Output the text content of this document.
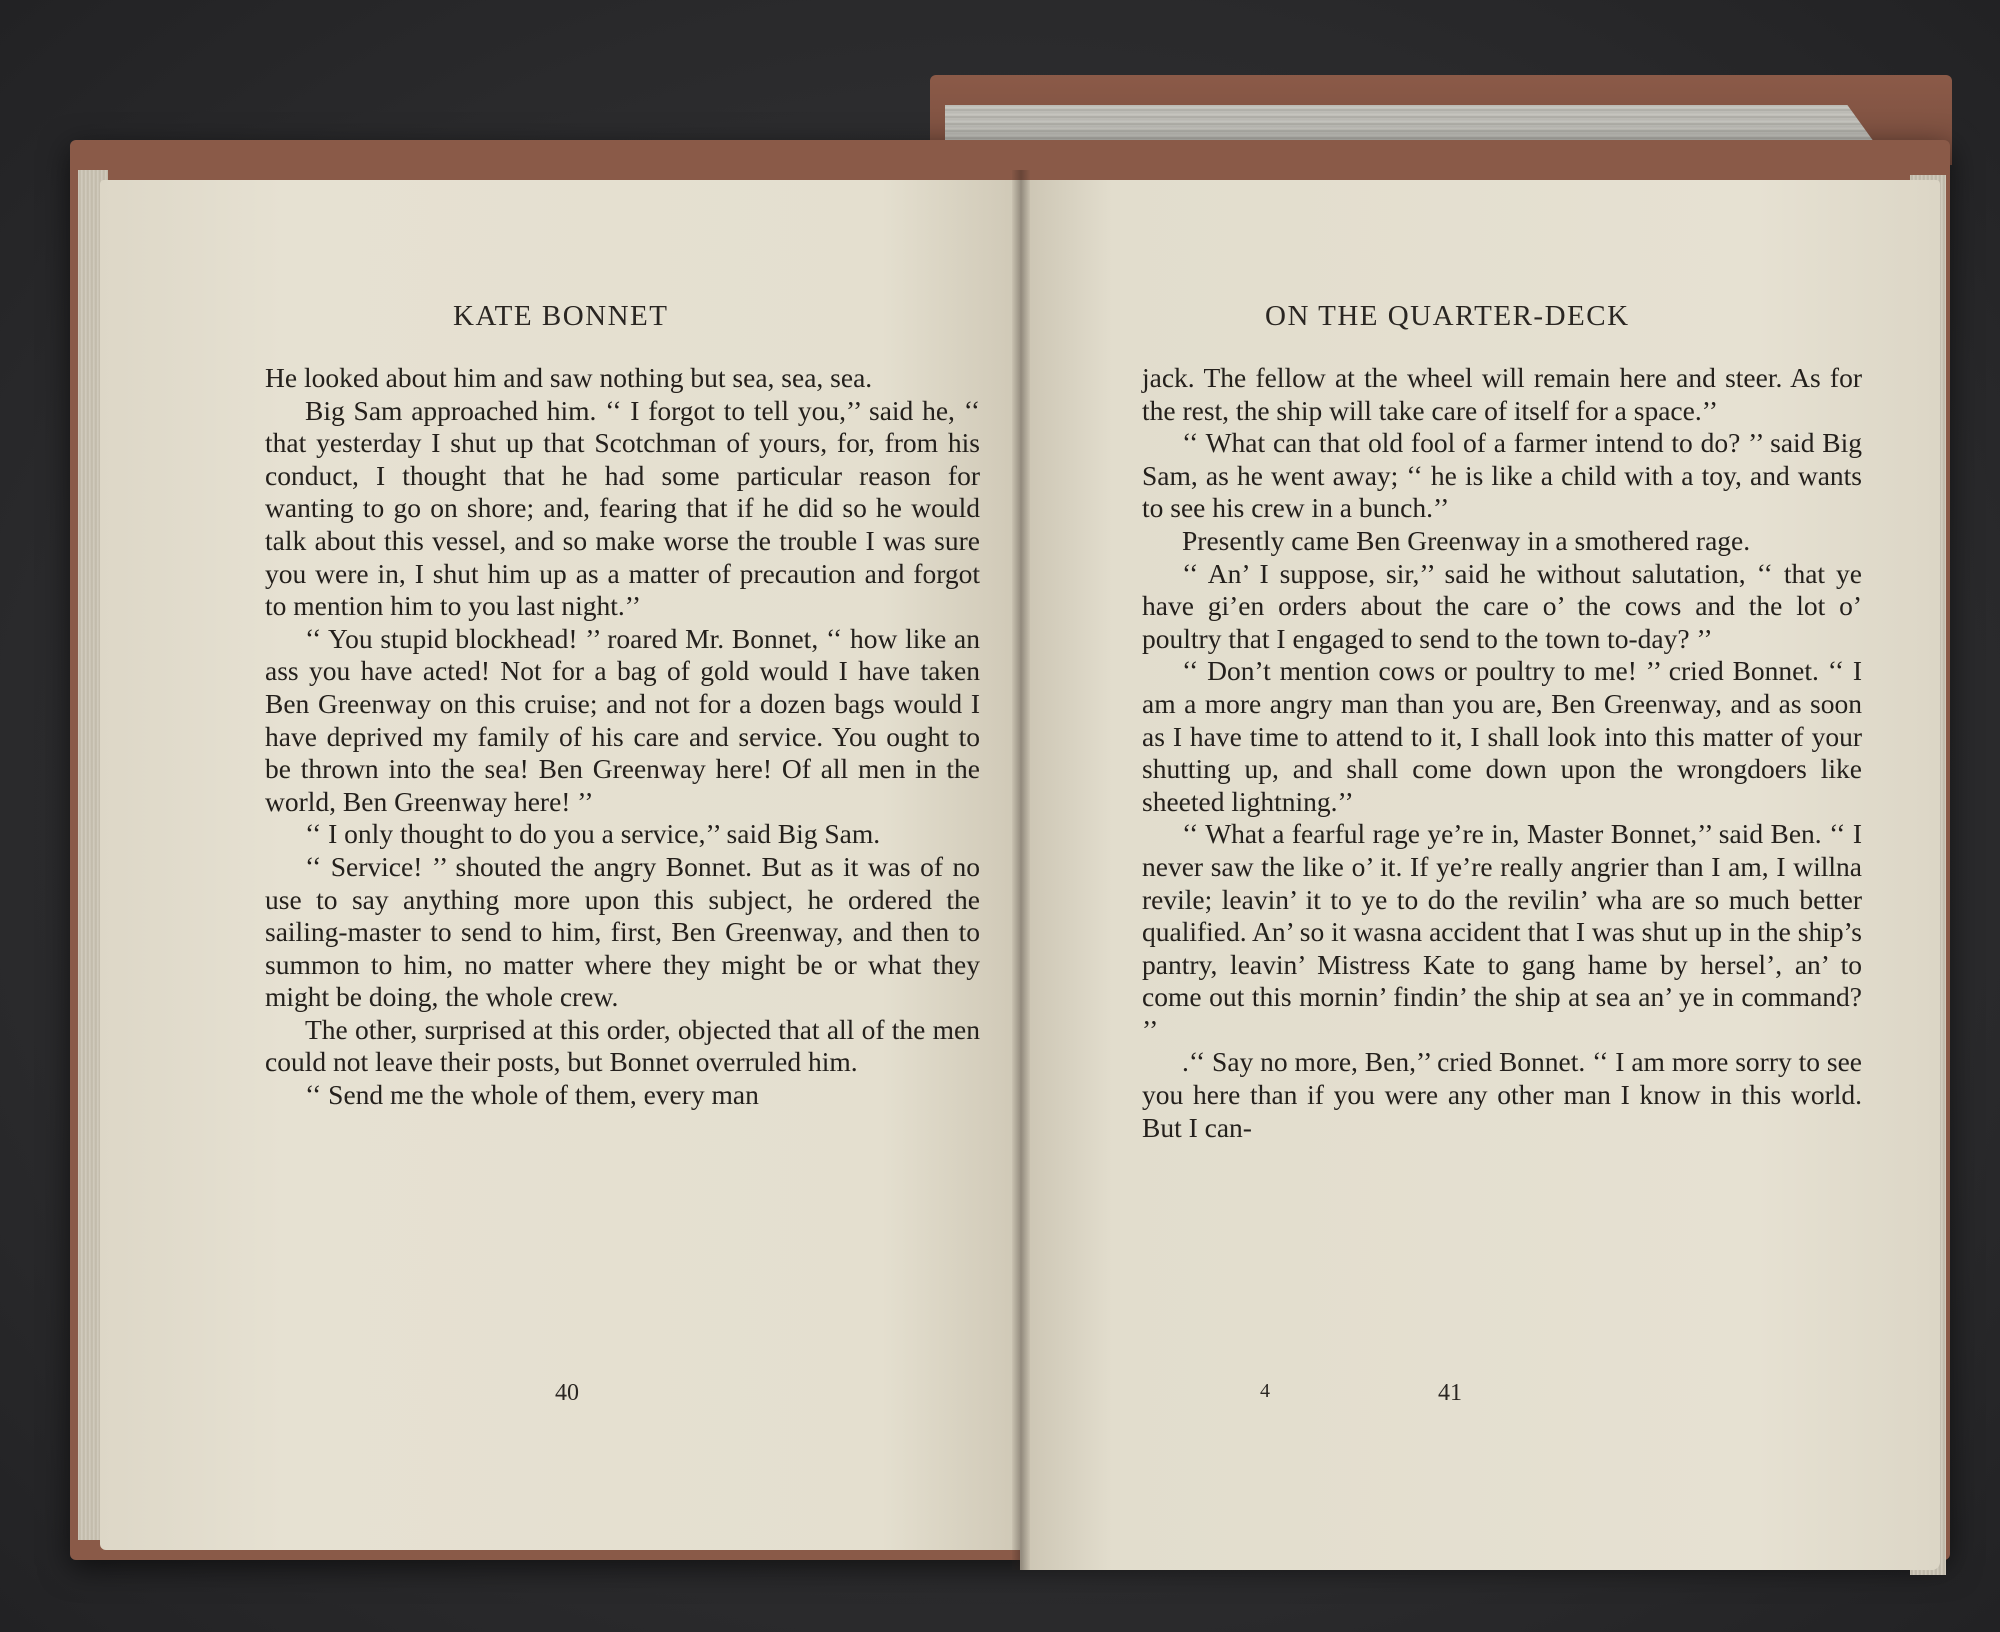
KATE BONNET

He looked about him and saw nothing but sea, sea, sea.

Big Sam approached him. ‘‘ I forgot to tell you,’’ said he, ‘‘ that yesterday I shut up that Scotchman of yours, for, from his conduct, I thought that he had some particular reason for wanting to go on shore; and, fearing that if he did so he would talk about this vessel, and so make worse the trouble I was sure you were in, I shut him up as a matter of precaution and forgot to mention him to you last night.’’

‘‘ You stupid blockhead! ’’ roared Mr. Bonnet, ‘‘ how like an ass you have acted! Not for a bag of gold would I have taken Ben Greenway on this cruise; and not for a dozen bags would I have deprived my family of his care and service. You ought to be thrown into the sea! Ben Greenway here! Of all men in the world, Ben Greenway here! ’’

‘‘ I only thought to do you a service,’’ said Big Sam.

‘‘ Service! ’’ shouted the angry Bonnet. But as it was of no use to say anything more upon this subject, he ordered the sailing-master to send to him, first, Ben Greenway, and then to summon to him, no matter where they might be or what they might be doing, the whole crew.

The other, surprised at this order, objected that all of the men could not leave their posts, but Bonnet overruled him.

‘‘ Send me the whole of them, every man

40
ON THE QUARTER-DECK

jack. The fellow at the wheel will remain here and steer. As for the rest, the ship will take care of itself for a space.’’

‘‘ What can that old fool of a farmer intend to do? ’’ said Big Sam, as he went away; ‘‘ he is like a child with a toy, and wants to see his crew in a bunch.’’

Presently came Ben Greenway in a smothered rage.

‘‘ An’ I suppose, sir,’’ said he without salutation, ‘‘ that ye have gi’en orders about the care o’ the cows and the lot o’ poultry that I engaged to send to the town to-day? ’’

‘‘ Don’t mention cows or poultry to me! ’’ cried Bonnet. ‘‘ I am a more angry man than you are, Ben Greenway, and as soon as I have time to attend to it, I shall look into this matter of your shutting up, and shall come down upon the wrongdoers like sheeted lightning.’’

‘‘ What a fearful rage ye’re in, Master Bonnet,’’ said Ben. ‘‘ I never saw the like o’ it. If ye’re really angrier than I am, I willna revile; leavin’ it to ye to do the revilin’ wha are so much better qualified. An’ so it wasna accident that I was shut up in the ship’s pantry, leavin’ Mistress Kate to gang hame by hersel’, an’ to come out this mornin’ findin’ the ship at sea an’ ye in command? ’’

.‘‘ Say no more, Ben,’’ cried Bonnet. ‘‘ I am more sorry to see you here than if you were any other man I know in this world. But I can-

4	41
